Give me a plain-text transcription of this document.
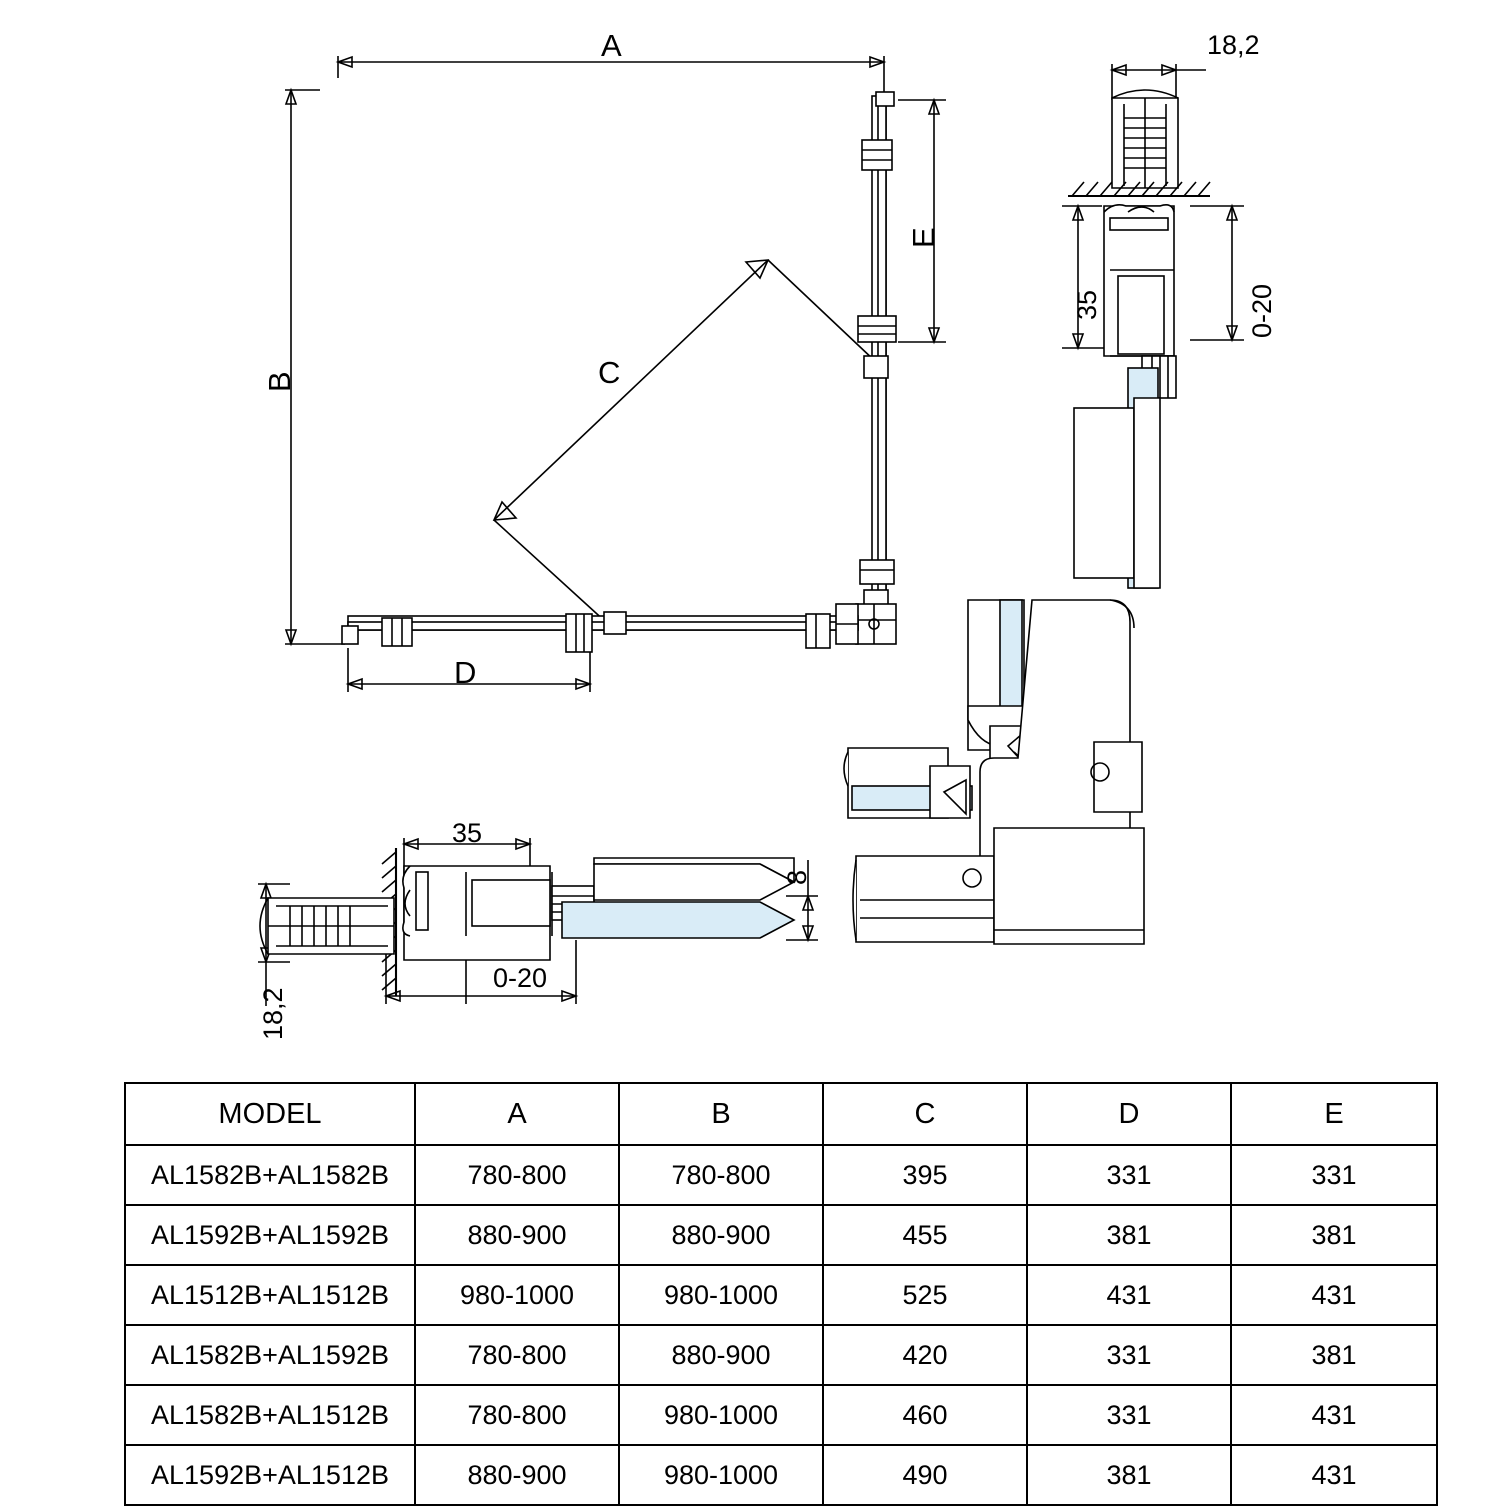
A
B	C
D
E
18,2
35	0-20
35
0-20
18,2
8
MODEL	A	B	C	D	E
AL1582B+AL1582B	780-800	780-800	395	331	331
AL1592B+AL1592B	880-900	880-900	455	381	381
AL1512B+AL1512B	980-1000	980-1000	525	431	431
AL1582B+AL1592B	780-800	880-900	420	331	381
AL1582B+AL1512B	780-800	980-1000	460	331	431
AL1592B+AL1512B	880-900	980-1000	490	381	431
